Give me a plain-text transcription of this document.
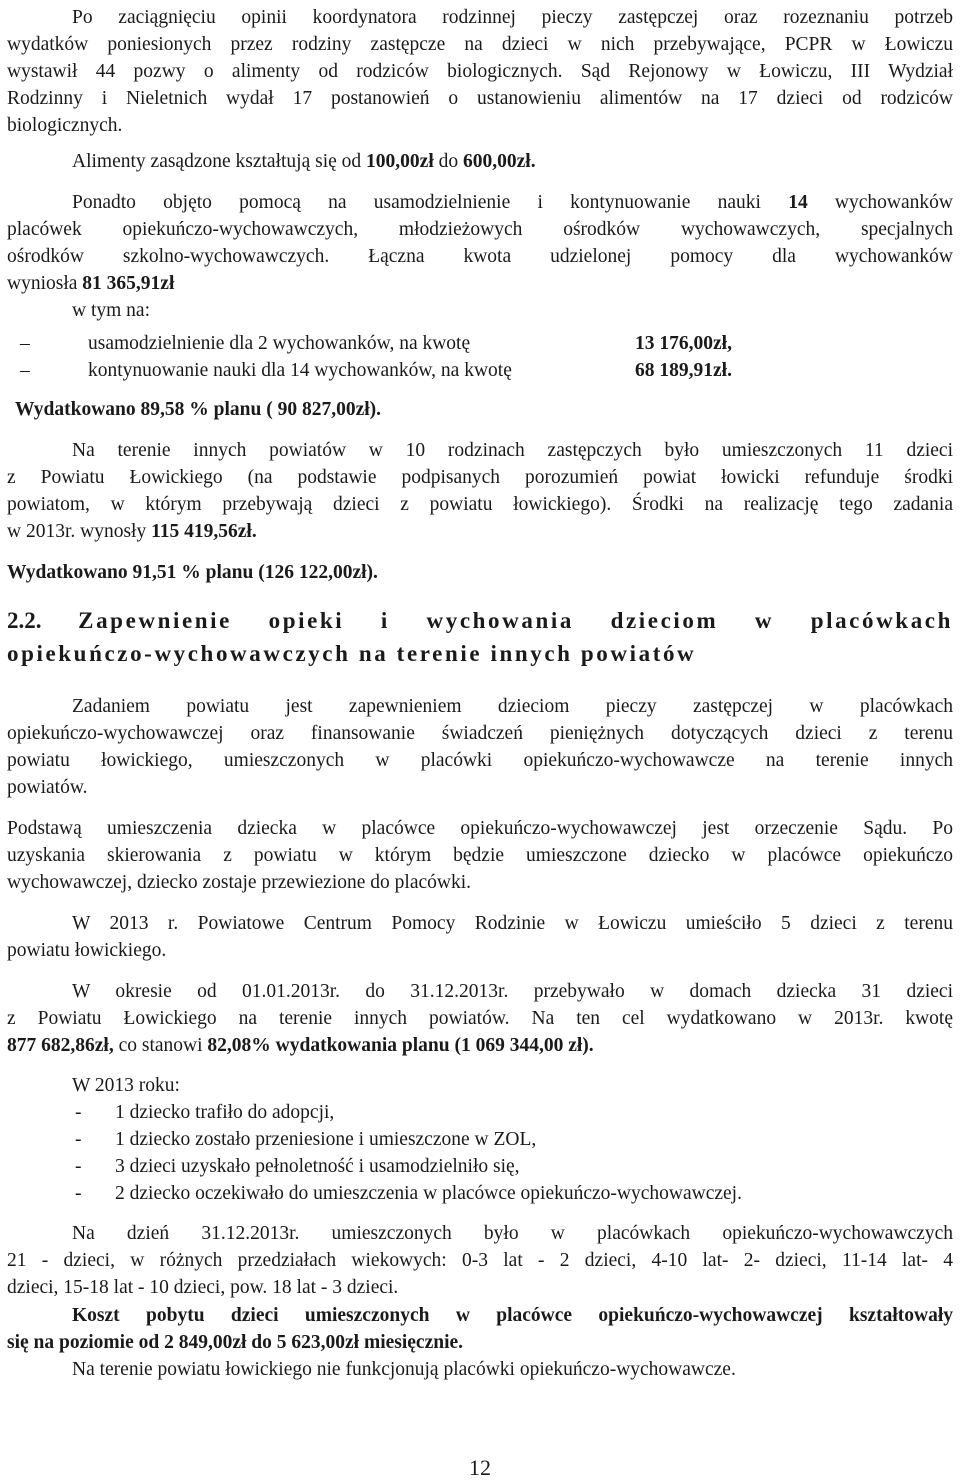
Po zaciągnięciu opinii koordynatora rodzinnej pieczy zastępczej oraz rozeznaniu potrzeb
wydatków poniesionych przez rodziny zastępcze na dzieci w nich przebywające, PCPR w Łowiczu
wystawił 44 pozwy o alimenty od rodziców biologicznych. Sąd Rejonowy w Łowiczu, III Wydział
Rodzinny i Nieletnich wydał 17 postanowień o ustanowieniu alimentów na 17 dzieci od rodziców
biologicznych.
Alimenty zasądzone kształtują się od 100,00zł do 600,00zł.
Ponadto objęto pomocą na usamodzielnienie i kontynuowanie nauki 14 wychowanków
placówek opiekuńczo-wychowawczych, młodzieżowych ośrodków wychowawczych, specjalnych
ośrodków szkolno-wychowawczych. Łączna kwota udzielonej pomocy dla wychowanków
wyniosła 81 365,91zł
w tym na:
–	usamodzielnienie dla 2 wychowanków, na kwotę	13 176,00zł,
–	kontynuowanie nauki dla 14 wychowanków, na kwotę	68 189,91zł.
Wydatkowano 89,58 % planu ( 90 827,00zł).
Na terenie innych powiatów w 10 rodzinach zastępczych było umieszczonych 11 dzieci
z Powiatu Łowickiego (na podstawie podpisanych porozumień powiat łowicki refunduje środki
powiatom, w którym przebywają dzieci z powiatu łowickiego). Środki na realizację tego zadania
w 2013r. wynosły 115 419,56zł.
Wydatkowano 91,51 % planu (126 122,00zł).
2.2. Zapewnienie opieki i wychowania dzieciom w placówkach
opiekuńczo-wychowawczych na terenie innych powiatów
Zadaniem powiatu jest zapewnieniem dzieciom pieczy zastępczej w placówkach
opiekuńczo-wychowawczej oraz finansowanie świadczeń pieniężnych dotyczących dzieci z terenu
powiatu łowickiego, umieszczonych w placówki opiekuńczo-wychowawcze na terenie innych
powiatów.
Podstawą umieszczenia dziecka w placówce opiekuńczo-wychowawczej jest orzeczenie Sądu. Po
uzyskania skierowania z powiatu w którym będzie umieszczone dziecko w placówce opiekuńczo
wychowawczej, dziecko zostaje przewiezione do placówki.
W 2013 r. Powiatowe Centrum Pomocy Rodzinie w Łowiczu umieściło 5 dzieci z terenu
powiatu łowickiego.
W okresie od 01.01.2013r. do 31.12.2013r. przebywało w domach dziecka 31 dzieci
z Powiatu Łowickiego na terenie innych powiatów. Na ten cel wydatkowano w 2013r. kwotę
877 682,86zł, co stanowi 82,08% wydatkowania planu (1 069 344,00 zł).
W 2013 roku:
- 1 dziecko trafiło do adopcji,
- 1 dziecko zostało przeniesione i umieszczone w ZOL,
- 3 dzieci uzyskało pełnoletność i usamodzielniło się,
- 2 dziecko oczekiwało do umieszczenia w placówce opiekuńczo-wychowawczej.
Na dzień 31.12.2013r. umieszczonych było w placówkach opiekuńczo-wychowawczych
21 - dzieci, w różnych przedziałach wiekowych: 0-3 lat - 2 dzieci, 4-10 lat- 2- dzieci, 11-14 lat- 4
dzieci, 15-18 lat - 10 dzieci, pow. 18 lat - 3 dzieci.
Koszt pobytu dzieci umieszczonych w placówce opiekuńczo-wychowawczej kształtowały
się na poziomie od 2 849,00zł do 5 623,00zł miesięcznie.
Na terenie powiatu łowickiego nie funkcjonują placówki opiekuńczo-wychowawcze.
12
